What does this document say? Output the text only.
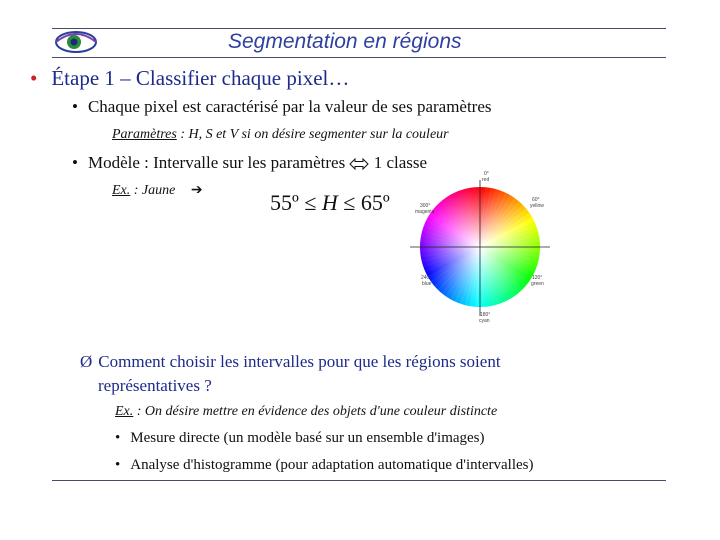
Segmentation en régions
• Étape 1 – Classifier chaque pixel…
• Chaque pixel est caractérisé par la valeur de ses paramètres
Paramètres : H, S et V si on désire segmenter sur la couleur
• Modèle : Intervalle sur les paramètres 1 classe
Ex. : Jaune ➔	55º ≤ H ≤ 65º
0°
red
60°
yellow
120°
green
180°
cyan
240°
blue
300°
magenta
Ø Comment choisir les intervalles pour que les régions soient
représentatives ?
Ex. : On désire mettre en évidence des objets d'une couleur distincte
• Mesure directe (un modèle basé sur un ensemble d'images)
• Analyse d'histogramme (pour adaptation automatique d'intervalles)
